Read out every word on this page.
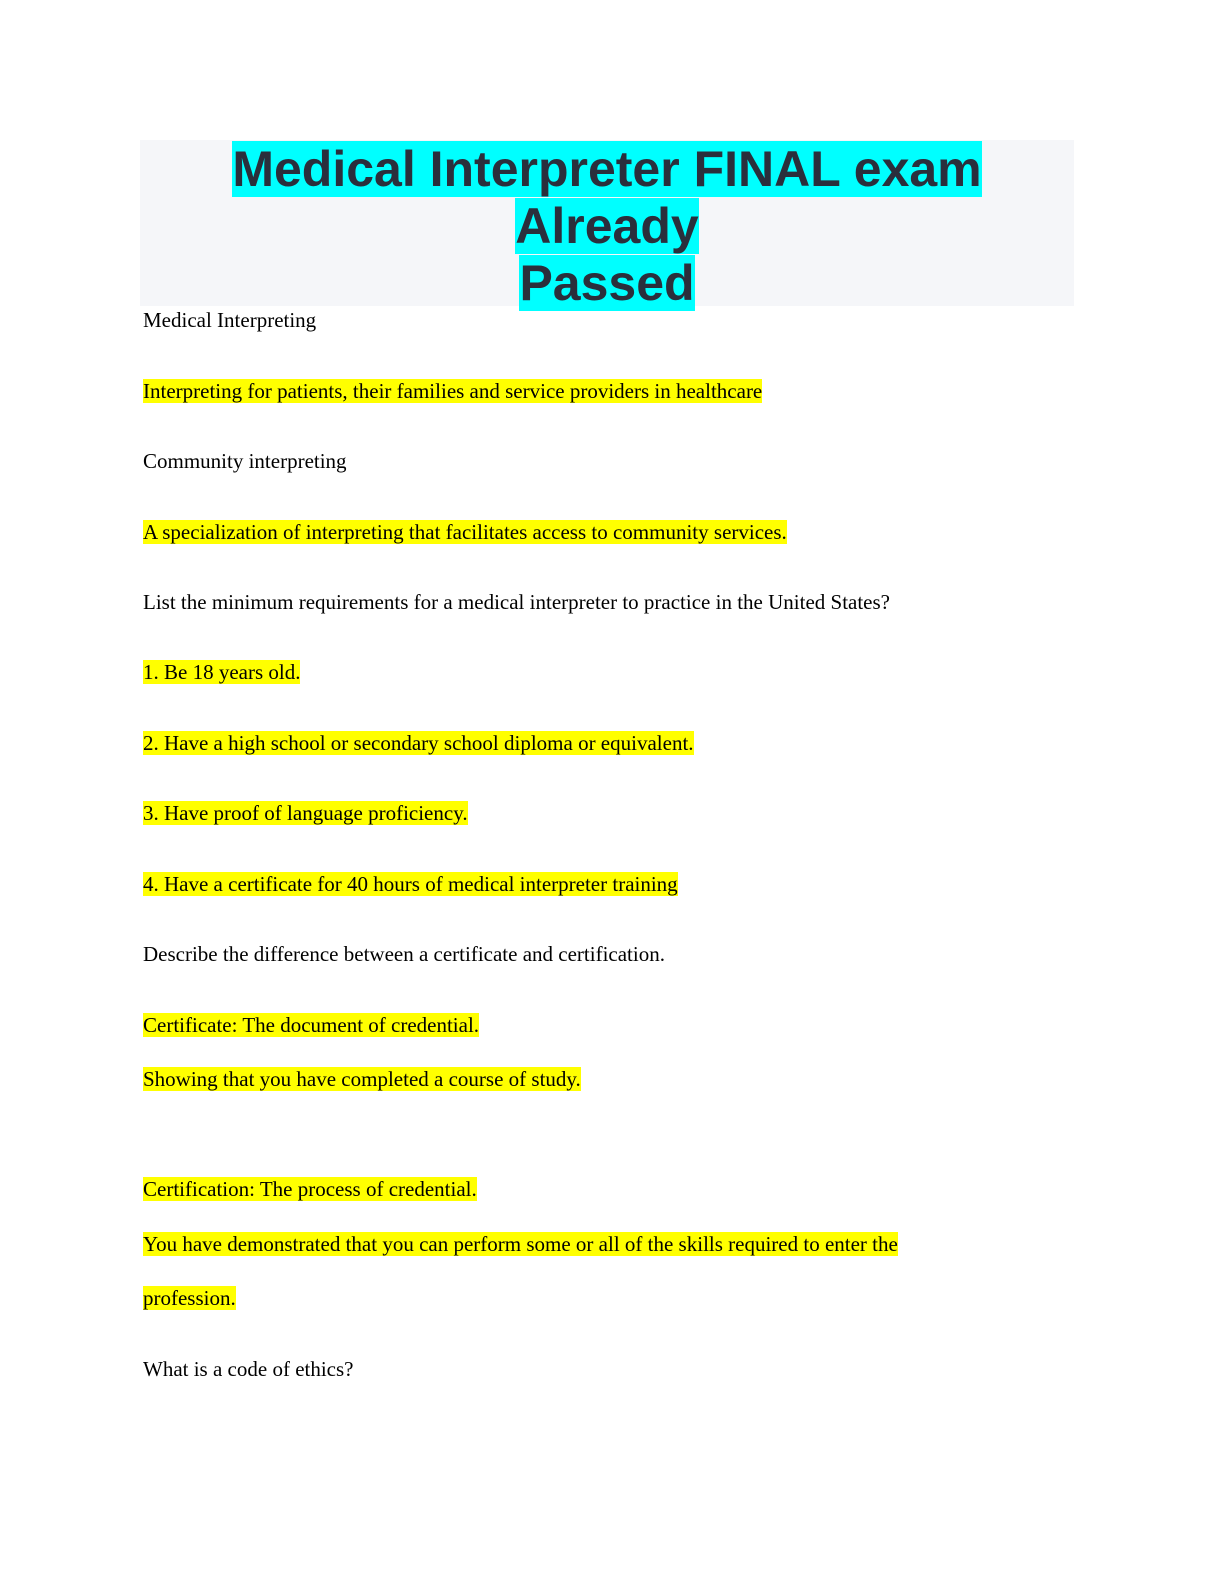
Medical Interpreter FINAL exam Already
Passed
Medical Interpreting
Interpreting for patients, their families and service providers in healthcare
Community interpreting
A specialization of interpreting that facilitates access to community services.
List the minimum requirements for a medical interpreter to practice in the United States?
1. Be 18 years old.
2. Have a high school or secondary school diploma or equivalent.
3. Have proof of language proficiency.
4. Have a certificate for 40 hours of medical interpreter training
Describe the difference between a certificate and certification.
Certificate: The document of credential.
Showing that you have completed a course of study.
Certification: The process of credential.
You have demonstrated that you can perform some or all of the skills required to enter the
profession.
What is a code of ethics?
